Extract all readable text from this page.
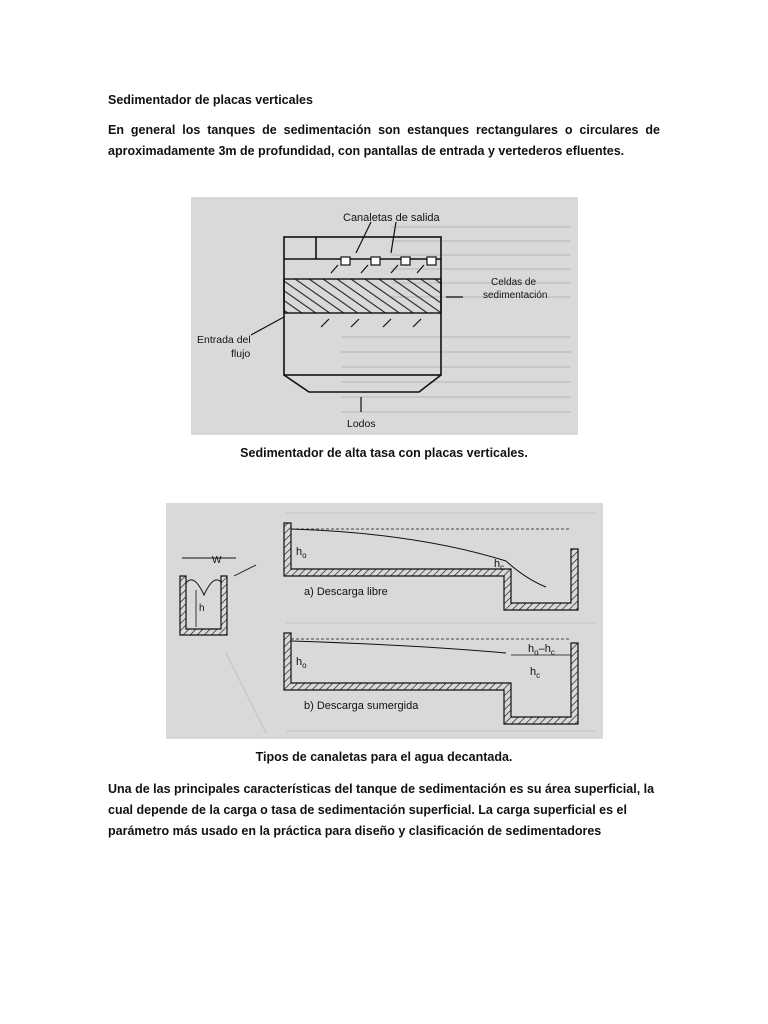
Sedimentador de placas verticales
En general los tanques de sedimentación son estanques rectangulares o circulares de aproximadamente 3m de profundidad, con pantallas de entrada y vertederos efluentes.
Canaletas de salida
Celdas de
sedimentación
Entrada del
flujo
Lodos
Sedimentador de alta tasa con placas verticales.
W
h
$h_o$
$h_c$
a) Descarga libre
$h_o$
$h_o-h_c$
$h_c$
b) Descarga sumergida
Tipos de canaletas para el agua decantada.
Una de las principales características del tanque de sedimentación es su área superficial, la cual depende de la carga o tasa de sedimentación superficial. La carga superficial es el parámetro más usado en la práctica para diseño y clasificación de sedimentadores
